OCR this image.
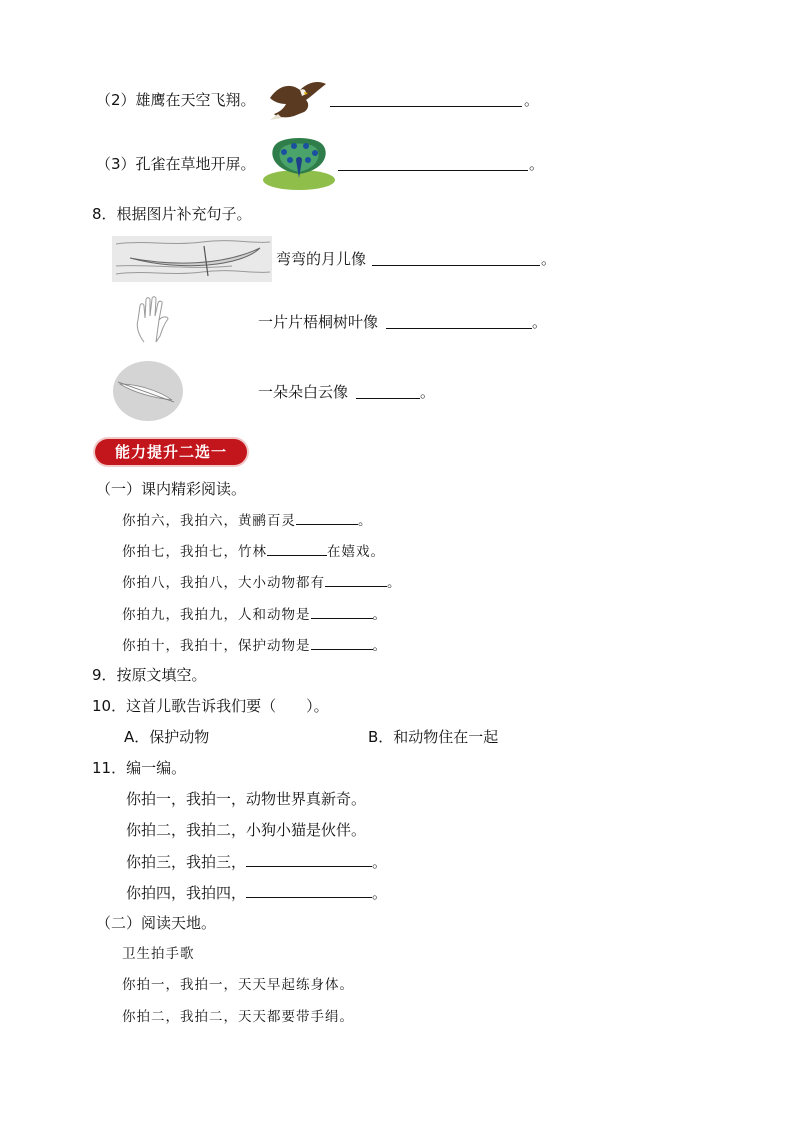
（2）雄鹰在天空飞翔。	。
（3）孔雀在草地开屏。	。
8．根据图片补充句子。
弯弯的月儿像	。
一片片梧桐树叶像	。
一朵朵白云像	。
能力提升二选一
（一）课内精彩阅读。
你拍六，我拍六，黄鹂百灵	。
你拍七，我拍七，竹林	在嬉戏。
你拍八，我拍八，大小动物都有	。
你拍九，我拍九，人和动物是	。
你拍十，我拍十，保护动物是	。
9．按原文填空。
10．这首儿歌告诉我们要（　　）。
A．保护动物	B．和动物住在一起
11．编一编。
你拍一，我拍一，动物世界真新奇。
你拍二，我拍二，小狗小猫是伙伴。
你拍三，我拍三，	。
你拍四，我拍四，	。
（二）阅读天地。
卫生拍手歌
你拍一，我拍一，天天早起练身体。
你拍二，我拍二，天天都要带手绢。
